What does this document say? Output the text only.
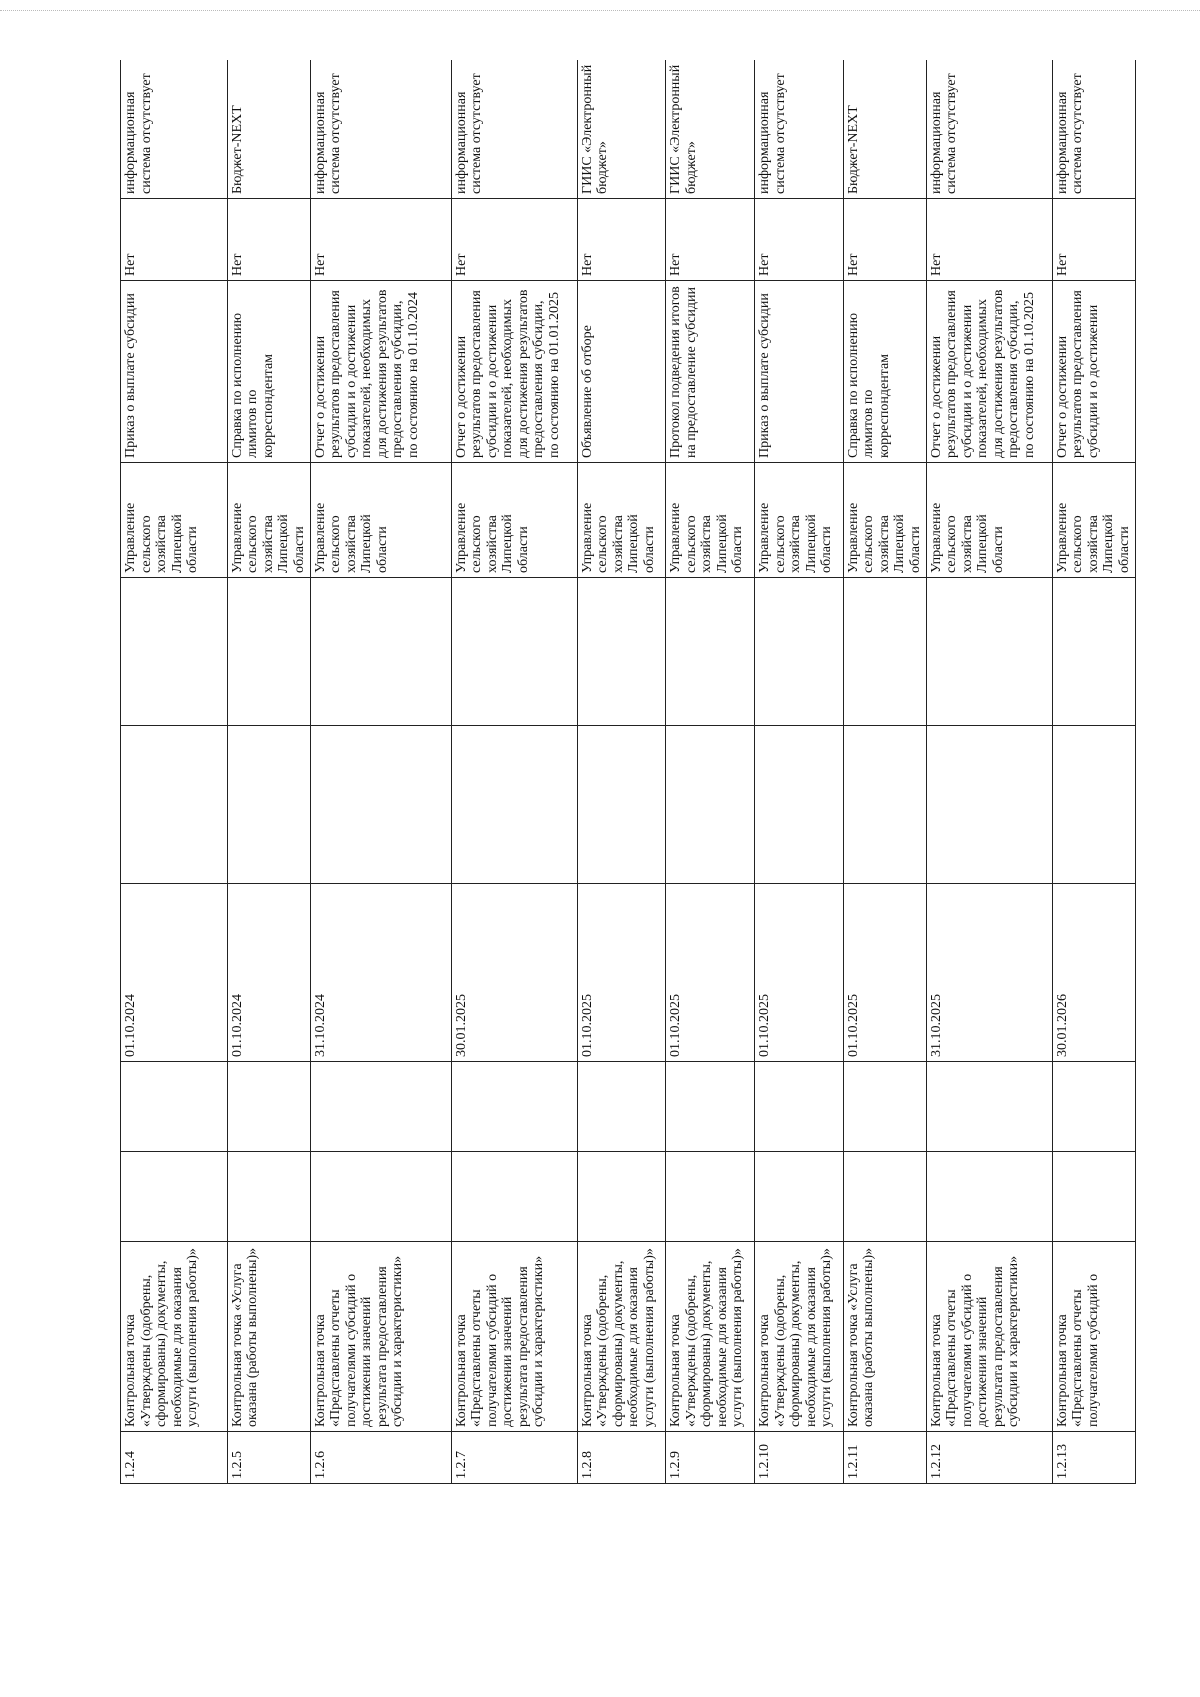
1.2.4	Контрольная точка «Утверждены (одобрены, сформированы) документы, необходимые для оказания услуги (выполнения работы)»			01.10.2024			Управление сельского хозяйства Липецкой области	Приказ о выплате субсидии	Нет	информационная система отсутствует
1.2.5	Контрольная точка «Услуга оказана (работы выполнены)»			01.10.2024			Управление сельского хозяйства Липецкой области	Справка по исполнению лимитов по корреспондентам	Нет	Бюджет-NEXT
1.2.6	Контрольная точка «Представлены отчеты получателями субсидий о достижении значений результата предоставления субсидии и характеристики»			31.10.2024			Управление сельского хозяйства Липецкой области	Отчет о достижении результатов предоставления субсидии и о достижении показателей, необходимых для достижения результатов предоставления субсидии, по состоянию на 01.10.2024	Нет	информационная система отсутствует
1.2.7	Контрольная точка «Представлены отчеты получателями субсидий о достижении значений результата предоставления субсидии и характеристики»			30.01.2025			Управление сельского хозяйства Липецкой области	Отчет о достижении результатов предоставления субсидии и о достижении показателей, необходимых для достижения результатов предоставления субсидии, по состоянию на 01.01.2025	Нет	информационная система отсутствует
1.2.8	Контрольная точка «Утверждены (одобрены, сформированы) документы, необходимые для оказания услуги (выполнения работы)»			01.10.2025			Управление сельского хозяйства Липецкой области	Объявление об отборе	Нет	ГИИС «Электронный бюджет»
1.2.9	Контрольная точка «Утверждены (одобрены, сформированы) документы, необходимые для оказания услуги (выполнения работы)»			01.10.2025			Управление сельского хозяйства Липецкой области	Протокол подведения итогов на предоставление субсидии	Нет	ГИИС «Электронный бюджет»
1.2.10	Контрольная точка «Утверждены (одобрены, сформированы) документы, необходимые для оказания услуги (выполнения работы)»			01.10.2025			Управление сельского хозяйства Липецкой области	Приказ о выплате субсидии	Нет	информационная система отсутствует
1.2.11	Контрольная точка «Услуга оказана (работы выполнены)»			01.10.2025			Управление сельского хозяйства Липецкой области	Справка по исполнению лимитов по корреспондентам	Нет	Бюджет-NEXT
1.2.12	Контрольная точка «Представлены отчеты получателями субсидий о достижении значений результата предоставления субсидии и характеристики»			31.10.2025			Управление сельского хозяйства Липецкой области	Отчет о достижении результатов предоставления субсидии и о достижении показателей, необходимых для достижения результатов предоставления субсидии, по состоянию на 01.10.2025	Нет	информационная система отсутствует
1.2.13	Контрольная точка «Представлены отчеты получателями субсидий о			30.01.2026			Управление сельского хозяйства Липецкой области	Отчет о достижении результатов предоставления субсидии и о достижении	Нет	информационная система отсутствует
